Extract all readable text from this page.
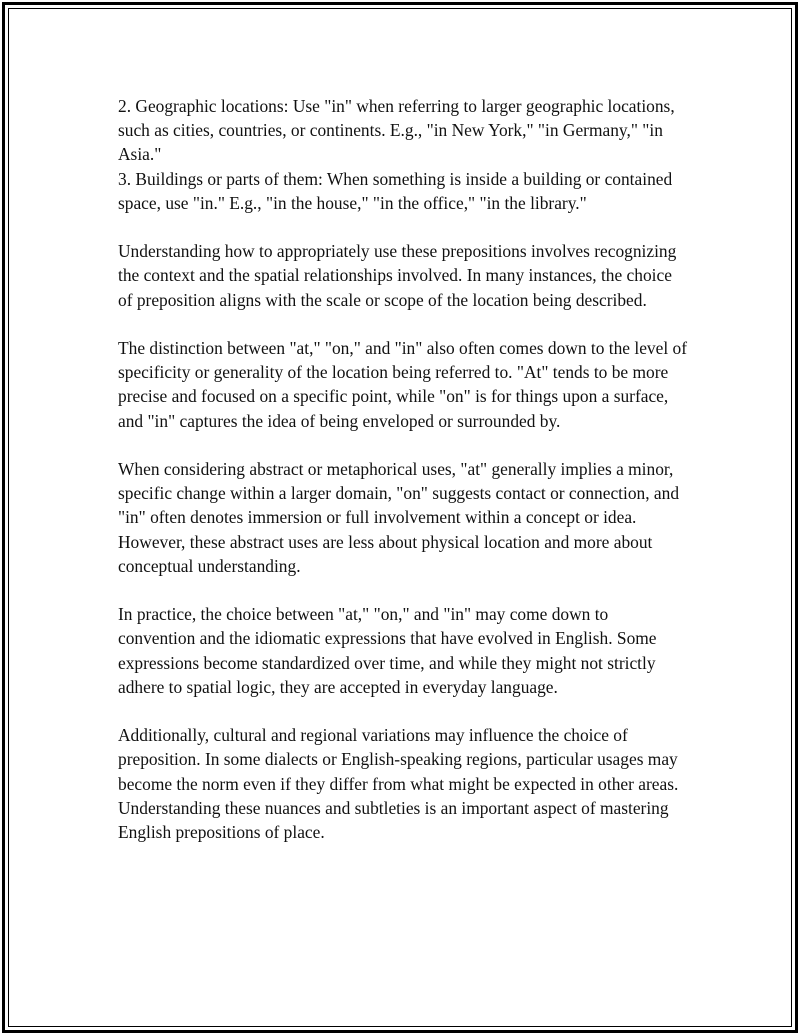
2. Geographic locations: Use "in" when referring to larger geographic locations, such as cities, countries, or continents. E.g., "in New York," "in Germany," "in Asia."

3. Buildings or parts of them: When something is inside a building or contained space, use "in." E.g., "in the house," "in the office," "in the library."

Understanding how to appropriately use these prepositions involves recognizing the context and the spatial relationships involved. In many instances, the choice of preposition aligns with the scale or scope of the location being described.

The distinction between "at," "on," and "in" also often comes down to the level of specificity or generality of the location being referred to. "At" tends to be more precise and focused on a specific point, while "on" is for things upon a surface, and "in" captures the idea of being enveloped or surrounded by.

When considering abstract or metaphorical uses, "at" generally implies a minor, specific change within a larger domain, "on" suggests contact or connection, and "in" often denotes immersion or full involvement within a concept or idea. However, these abstract uses are less about physical location and more about conceptual understanding.

In practice, the choice between "at," "on," and "in" may come down to convention and the idiomatic expressions that have evolved in English. Some expressions become standardized over time, and while they might not strictly adhere to spatial logic, they are accepted in everyday language.

Additionally, cultural and regional variations may influence the choice of preposition. In some dialects or English-speaking regions, particular usages may become the norm even if they differ from what might be expected in other areas. Understanding these nuances and subtleties is an important aspect of mastering English prepositions of place.
